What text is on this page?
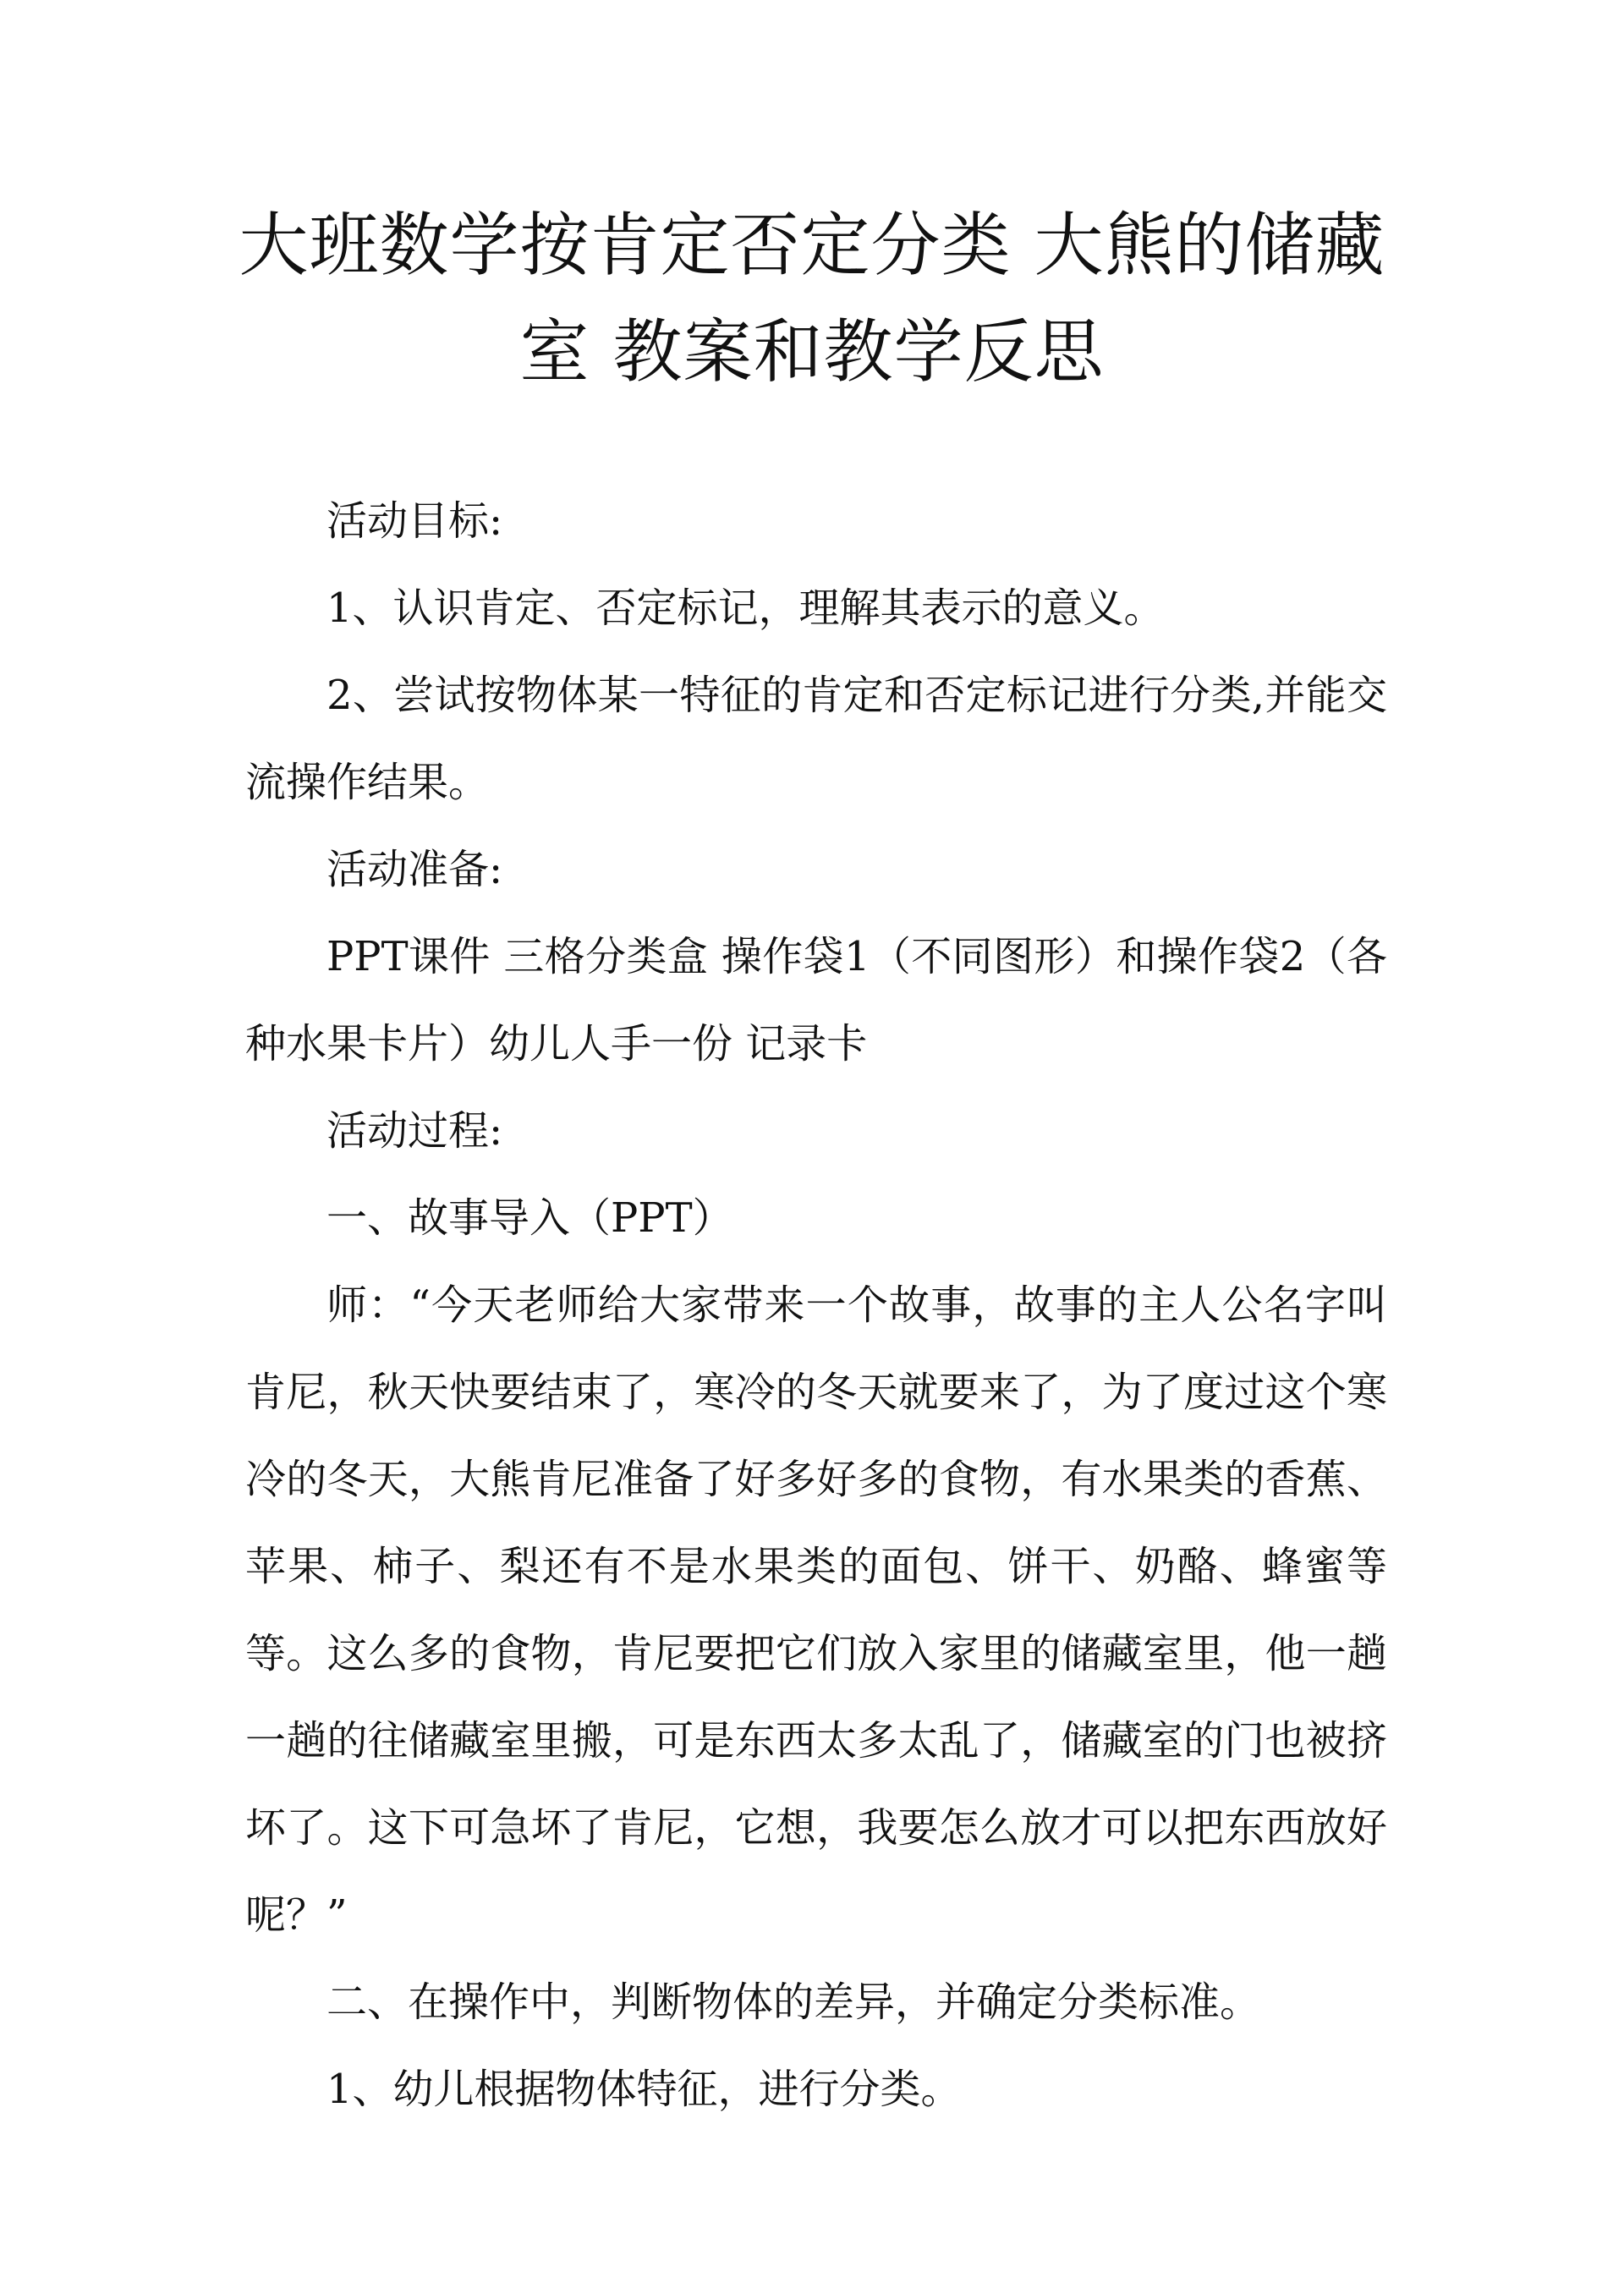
大班数学按肯定否定分类 大熊的储藏室 教案和教学反思

活动目标:

1、认识肯定、否定标记，理解其表示的意义。

2、尝试按物体某一特征的肯定和否定标记进行分类,并能交流操作结果。

活动准备:

PPT课件 三格分类盒 操作袋1（不同图形）和操作袋2（各种水果卡片）幼儿人手一份 记录卡

活动过程:

一、故事导入（PPT）

师：“今天老师给大家带来一个故事，故事的主人公名字叫肯尼，秋天快要结束了，寒冷的冬天就要来了，为了度过这个寒冷的冬天，大熊肯尼准备了好多好多的食物，有水果类的香蕉、苹果、柿子、梨还有不是水果类的面包、饼干、奶酪、蜂蜜等等。这么多的食物，肯尼要把它们放入家里的储藏室里，他一趟一趟的往储藏室里搬，可是东西太多太乱了，储藏室的门也被挤坏了。这下可急坏了肯尼，它想，我要怎么放才可以把东西放好呢？”

二、在操作中，判断物体的差异，并确定分类标准。

1、幼儿根据物体特征，进行分类。
